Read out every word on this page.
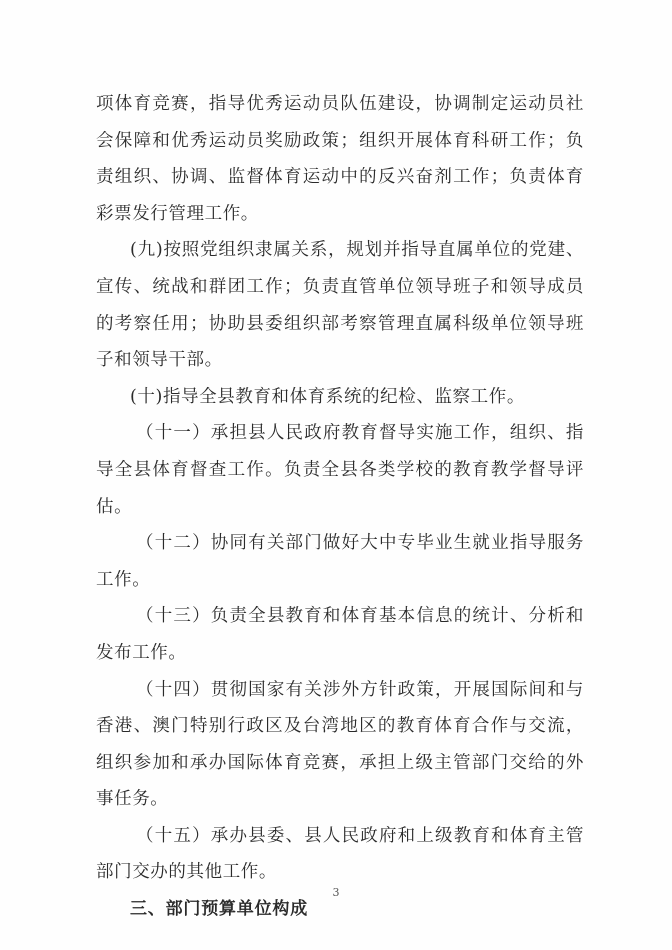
项体育竞赛，指导优秀运动员队伍建设，协调制定运动员社会保障和优秀运动员奖励政策；组织开展体育科研工作；负责组织、协调、监督体育运动中的反兴奋剂工作；负责体育彩票发行管理工作。

(九)按照党组织隶属关系，规划并指导直属单位的党建、宣传、统战和群团工作；负责直管单位领导班子和领导成员的考察任用；协助县委组织部考察管理直属科级单位领导班子和领导干部。

(十)指导全县教育和体育系统的纪检、监察工作。

（十一）承担县人民政府教育督导实施工作，组织、指导全县体育督查工作。负责全县各类学校的教育教学督导评估。

（十二）协同有关部门做好大中专毕业生就业指导服务工作。

（十三）负责全县教育和体育基本信息的统计、分析和发布工作。

（十四）贯彻国家有关涉外方针政策，开展国际间和与香港、澳门特别行政区及台湾地区的教育体育合作与交流，组织参加和承办国际体育竞赛，承担上级主管部门交给的外事任务。

（十五）承办县委、县人民政府和上级教育和体育主管部门交办的其他工作。

三、部门预算单位构成

3
